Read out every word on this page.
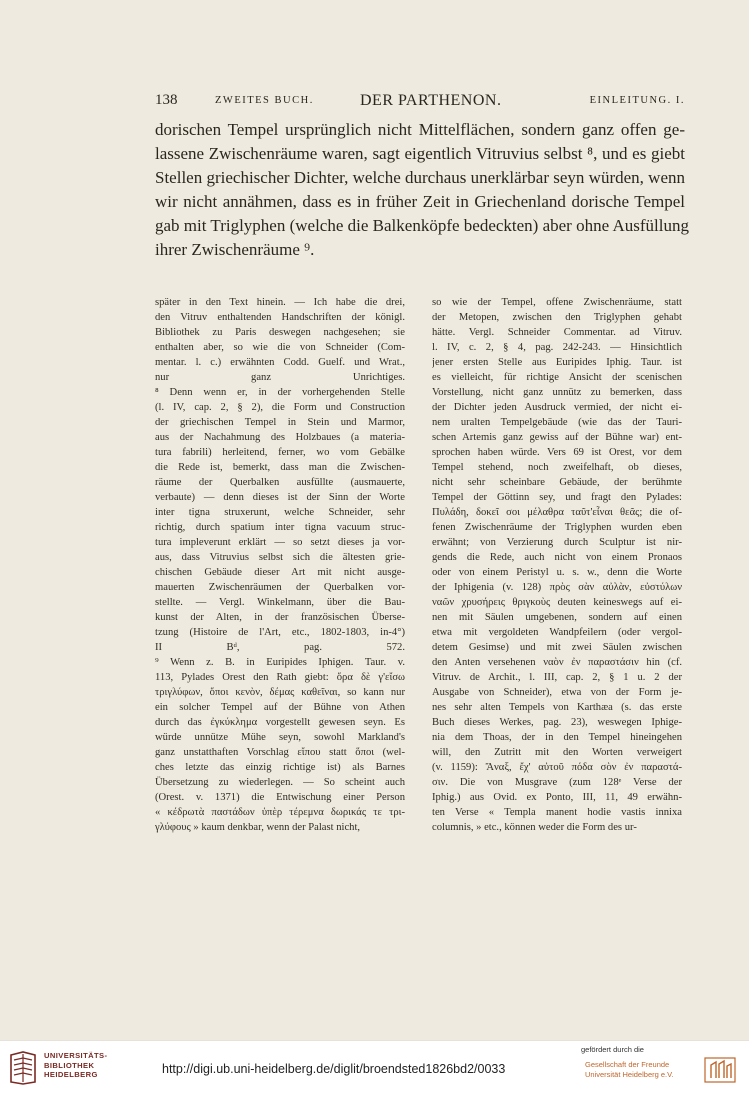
138	ZWEITES BUCH.	DER PARTHENON.	EINLEITUNG. I.
dorischen Tempel ursprünglich nicht Mittelflächen, sondern ganz offen ge-
lassene Zwischenräume waren, sagt eigentlich Vitruvius selbst ⁸, und es giebt
Stellen griechischer Dichter, welche durchaus unerklärbar seyn würden, wenn
wir nicht annähmen, dass es in früher Zeit in Griechenland dorische Tempel
gab mit Triglyphen (welche die Balkenköpfe bedeckten) aber ohne Ausfüllung
ihrer Zwischenräume ⁹.
später in den Text hinein. — Ich habe die drei,
den Vitruv enthaltenden Handschriften der königl.
Bibliothek zu Paris deswegen nachgesehen; sie
enthalten aber, so wie die von Schneider (Com-
mentar. l. c.) erwähnten Codd. Guelf. und Wrat.,
nur ganz Unrichtiges.
⁸ Denn wenn er, in der vorhergehenden Stelle
(l. IV, cap. 2, § 2), die Form und Construction
der griechischen Tempel in Stein und Marmor,
aus der Nachahmung des Holzbaues (a materia-
tura fabrili) herleitend, ferner, wo vom Gebälke
die Rede ist, bemerkt, dass man die Zwischen-
räume der Querbalken ausfüllte (ausmauerte,
verbaute) — denn dieses ist der Sinn der Worte
inter tigna struxerunt, welche Schneider, sehr
richtig, durch spatium inter tigna vacuum struc-
tura impleverunt erklärt — so setzt dieses ja vor-
aus, dass Vitruvius selbst sich die ältesten grie-
chischen Gebäude dieser Art mit nicht ausge-
mauerten Zwischenräumen der Querbalken vor-
stellte. — Vergl. Winkelmann, über die Bau-
kunst der Alten, in der französischen Überse-
tzung (Histoire de l'Art, etc., 1802-1803, in-4°)
II Bᵈ, pag. 572.
⁹ Wenn z. B. in Euripides Iphigen. Taur. v.
113, Pylades Orest den Rath giebt: ὅρα δὲ γ'εἴσω
τριγλύφων, ὅποι κενὸν, δέμας καθεῖναι, so kann nur
ein solcher Tempel auf der Bühne von Athen
durch das ἐγκύκλημα vorgestellt gewesen seyn. Es
würde unnütze Mühe seyn, sowohl Markland's
ganz unstatthaften Vorschlag εἴπου statt ὅποι (wel-
ches letzte das einzig richtige ist) als Barnes
Übersetzung zu wiederlegen. — So scheint auch
(Orest. v. 1371) die Entwischung einer Person
« κέδρωτὰ παστάδων ὑπὲρ τέρεμνα δωρικάς τε τρι-
γλύφους » kaum denkbar, wenn der Palast nicht,
so wie der Tempel, offene Zwischenräume, statt
der Metopen, zwischen den Triglyphen gehabt
hätte. Vergl. Schneider Commentar. ad Vitruv.
l. IV, c. 2, § 4, pag. 242-243. — Hinsichtlich
jener ersten Stelle aus Euripides Iphig. Taur. ist
es vielleicht, für richtige Ansicht der scenischen
Vorstellung, nicht ganz unnütz zu bemerken, dass
der Dichter jeden Ausdruck vermied, der nicht ei-
nem uralten Tempelgebäude (wie das der Tauri-
schen Artemis ganz gewiss auf der Bühne war) ent-
sprochen haben würde. Vers 69 ist Orest, vor dem
Tempel stehend, noch zweifelhaft, ob dieses,
nicht sehr scheinbare Gebäude, der berühmte
Tempel der Göttinn sey, und fragt den Pylades:
Πυλάδη, δοκεῖ σοι μέλαθρα ταῦτ'εἶναι θεᾶς; die of-
fenen Zwischenräume der Triglyphen wurden eben
erwähnt; von Verzierung durch Sculptur ist nir-
gends die Rede, auch nicht von einem Pronaos
oder von einem Peristyl u. s. w., denn die Worte
der Iphigenia (v. 128) πρὸς σὰν αὐλὰν, εὐστύλων
ναῶν χρυσήρεις θριγκοὺς deuten keineswegs auf ei-
nen mit Säulen umgebenen, sondern auf einen
etwa mit vergoldeten Wandpfeilern (oder vergol-
detem Gesimse) und mit zwei Säulen zwischen
den Anten versehenen ναὸν ἐν παραστάσιν hin (cf.
Vitruv. de Archit., l. III, cap. 2, § 1 u. 2 der
Ausgabe von Schneider), etwa von der Form je-
nes sehr alten Tempels von Karthæa (s. das erste
Buch dieses Werkes, pag. 23), weswegen Iphige-
nia dem Thoas, der in den Tempel hineingehen
will, den Zutritt mit den Worten verweigert
(v. 1159): Ἄναξ, ἔχ' αὐτοῦ πόδα σὸν ἐν παραστά-
σιν. Die von Musgrave (zum 128ᵉ Verse der
Iphig.) aus Ovid. ex Ponto, III, 11, 49 erwähn-
ten Verse « Templa manent hodie vastis innixa
columnis, » etc., können weder die Form des ur-
UNIVERSITÄTS-
BIBLIOTHEK
HEIDELBERG	http://digi.ub.uni-heidelberg.de/diglit/broendsted1826bd2/0033
gefördert durch die
Gesellschaft der Freunde
Universität Heidelberg e.V.
